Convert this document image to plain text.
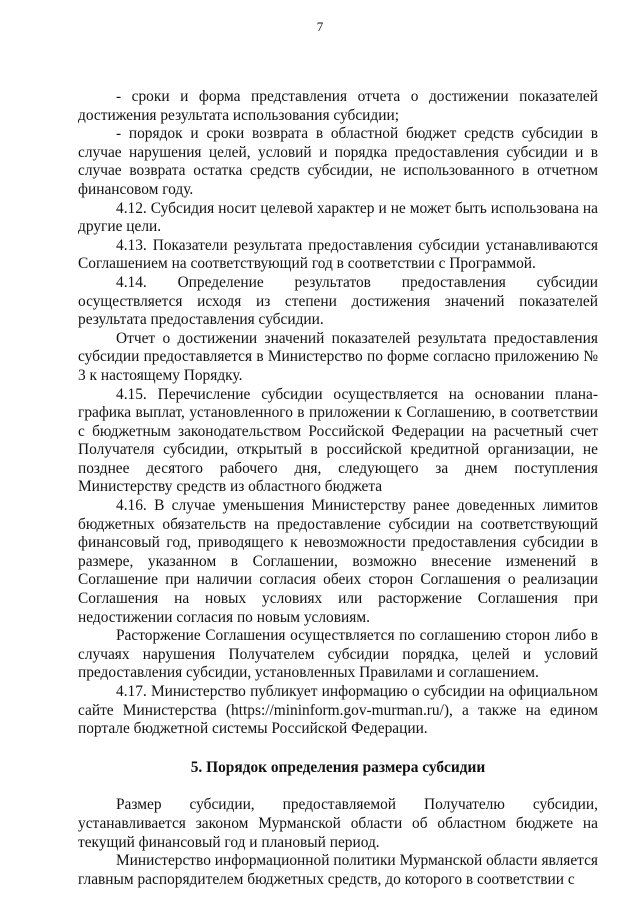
7

- сроки и форма представления отчета о достижении показателей достижения результата использования субсидии;

- порядок и сроки возврата в областной бюджет средств субсидии в случае нарушения целей, условий и порядка предоставления субсидии и в случае возврата остатка средств субсидии, не использованного в отчетном финансовом году.

4.12. Субсидия носит целевой характер и не может быть использована на другие цели.

4.13. Показатели результата предоставления субсидии устанавливаются Соглашением на соответствующий год в соответствии с Программой.

4.14. Определение результатов предоставления субсидии осуществляется исходя из степени достижения значений показателей результата предоставления субсидии.

Отчет о достижении значений показателей результата предоставления субсидии предоставляется в Министерство по форме согласно приложению № 3 к настоящему Порядку.

4.15. Перечисление субсидии осуществляется на основании плана-графика выплат, установленного в приложении к Соглашению, в соответствии с бюджетным законодательством Российской Федерации на расчетный счет Получателя субсидии, открытый в российской кредитной организации, не позднее десятого рабочего дня, следующего за днем поступления Министерству средств из областного бюджета

4.16. В случае уменьшения Министерству ранее доведенных лимитов бюджетных обязательств на предоставление субсидии на соответствующий финансовый год, приводящего к невозможности предоставления субсидии в размере, указанном в Соглашении, возможно внесение изменений в Соглашение при наличии согласия обеих сторон Соглашения о реализации Соглашения на новых условиях или расторжение Соглашения при недостижении согласия по новым условиям.

Расторжение Соглашения осуществляется по соглашению сторон либо в случаях нарушения Получателем субсидии порядка, целей и условий предоставления субсидии, установленных Правилами и соглашением.

4.17. Министерство публикует информацию о субсидии на официальном сайте Министерства (https://mininform.gov-murman.ru/), а также на едином портале бюджетной системы Российской Федерации.

5. Порядок определения размера субсидии

Размер субсидии, предоставляемой Получателю субсидии, устанавливается законом Мурманской области об областном бюджете на текущий финансовый год и плановый период.

Министерство информационной политики Мурманской области является главным распорядителем бюджетных средств, до которого в соответствии с
